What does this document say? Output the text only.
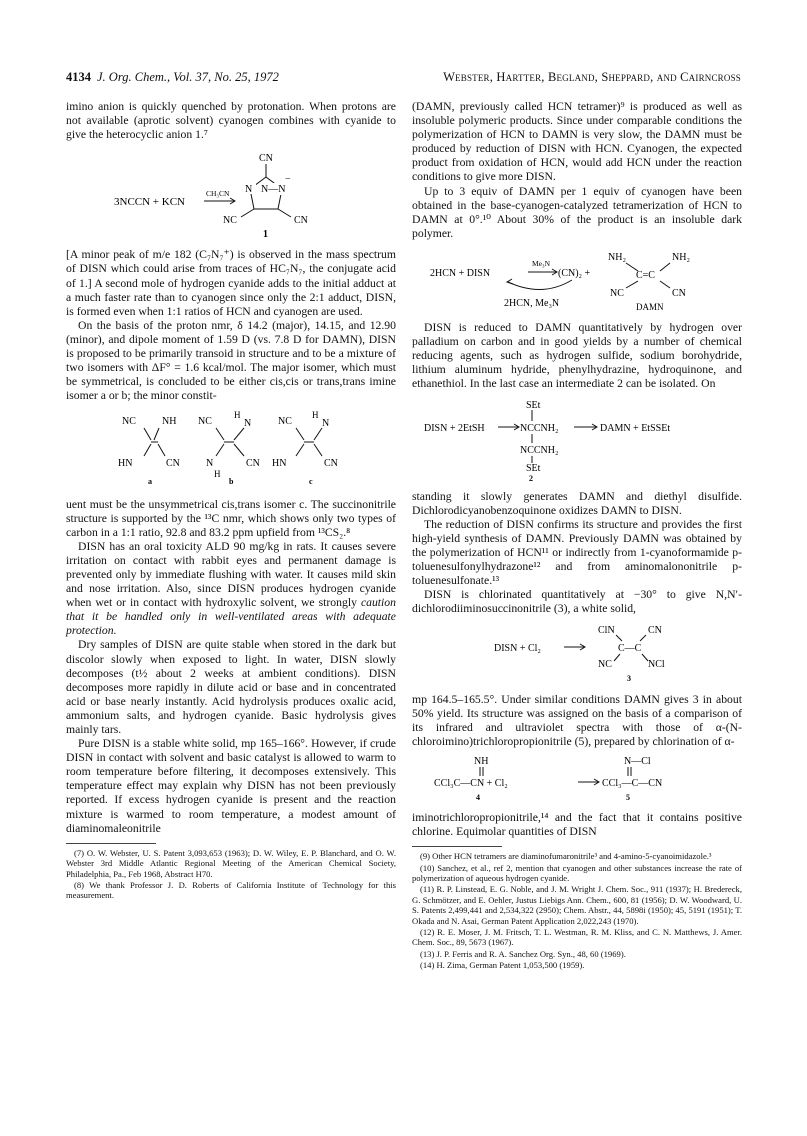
4134 J. Org. Chem., Vol. 37, No. 25, 1972	Webster, Hartter, Begland, Sheppard, and Cairncross

imino anion is quickly quenched by protonation. When protons are not available (aprotic solvent) cyanogen combines with cyanide to give the heterocyclic anion 1.⁷

3NCCN + KCN
CH₃CN
CN
N N—N
−
NC	CN
1

[A minor peak of m/e 182 (C₇N₇⁺) is observed in the mass spectrum of DISN which could arise from traces of HC₇N₇, the conjugate acid of 1.] A second mole of hydrogen cyanide adds to the initial adduct at a much faster rate than to cyanogen since only the 2:1 adduct, DISN, is formed even when 1:1 ratios of HCN and cyanogen are used.

On the basis of the proton nmr, δ 14.2 (major), 14.15, and 12.90 (minor), and dipole moment of 1.59 D (vs. 7.8 D for DAMN), DISN is proposed to be primarily transoid in structure and to be a mixture of two isomers with ΔF° = 1.6 kcal/mol. The major isomer, which must be symmetrical, is concluded to be either cis,cis or trans,trans imine isomer a or b; the minor constit-

NC	NH
HN	CN
a
NC
H
N
N
H
CN
b
NC
H
N
HN	CN
c

uent must be the unsymmetrical cis,trans isomer c. The succinonitrile structure is supported by the ¹³C nmr, which shows only two types of carbon in a 1:1 ratio, 92.8 and 83.2 ppm upfield from ¹³CS₂.⁸

DISN has an oral toxicity ALD 90 mg/kg in rats. It causes severe irritation on contact with rabbit eyes and permanent damage is prevented only by immediate flushing with water. It causes mild skin and nose irritation. Also, since DISN produces hydrogen cyanide when wet or in contact with hydroxylic solvent, we strongly caution that it be handled only in well-ventilated areas with adequate protection.

Dry samples of DISN are quite stable when stored in the dark but discolor slowly when exposed to light. In water, DISN slowly decomposes (t½ about 2 weeks at ambient conditions). DISN decomposes more rapidly in dilute acid or base and in concentrated acid or base nearly instantly. Acid hydrolysis produces oxalic acid, ammonium salts, and hydrogen cyanide. Basic hydrolysis gives mainly tars.

Pure DISN is a stable white solid, mp 165–166°. However, if crude DISN in contact with solvent and basic catalyst is allowed to warm to room temperature before filtering, it decomposes extensively. This temperature effect may explain why DISN has not been previously reported. If excess hydrogen cyanide is present and the reaction mixture is warmed to room temperature, a modest amount of diaminomaleonitrile

(7) O. W. Webster, U. S. Patent 3,093,653 (1963); D. W. Wiley, E. P. Blanchard, and O. W. Webster 3rd Middle Atlantic Regional Meeting of the American Chemical Society, Philadelphia, Pa., Feb 1968, Abstract H70.

(8) We thank Professor J. D. Roberts of California Institute of Technology for this measurement.

(DAMN, previously called HCN tetramer)⁹ is produced as well as insoluble polymeric products. Since under comparable conditions the polymerization of HCN to DAMN is very slow, the DAMN must be produced by reduction of DISN with HCN. Cyanogen, the expected product from oxidation of HCN, would add HCN under the reaction conditions to give more DISN.

Up to 3 equiv of DAMN per 1 equiv of cyanogen have been obtained in the base-cyanogen-catalyzed tetramerization of HCN to DAMN at 0°.¹⁰ About 30% of the product is an insoluble dark polymer.

2HCN + DISN
Me₃N
(CN)₂ +
2HCN, Me₃N
NH₂	NH₂
C=C
NC	CN
DAMN

DISN is reduced to DAMN quantitatively by hydrogen over palladium on carbon and in good yields by a number of chemical reducing agents, such as hydrogen sulfide, sodium borohydride, lithium aluminum hydride, phenylhydrazine, hydroquinone, and ethanethiol. In the last case an intermediate 2 can be isolated. On

SEt
DISN + 2EtSH	NCCNH₂	DAMN + EtSSEt
NCCNH₂
SEt
2

standing it slowly generates DAMN and diethyl disulfide. Dichlorodicyanobenzoquinone oxidizes DAMN to DISN.

The reduction of DISN confirms its structure and provides the first high-yield synthesis of DAMN. Previously DAMN was obtained by the polymerization of HCN¹¹ or indirectly from 1-cyanoformamide p-toluenesulfonylhydrazone¹² and from aminomalononitrile p-toluenesulfonate.¹³

DISN is chlorinated quantitatively at −30° to give N,N′-dichlorodiiminosuccinonitrile (3), a white solid,

DISN + Cl₂
ClN	CN
C—C
NC	NCl
3

mp 164.5–165.5°. Under similar conditions DAMN gives 3 in about 50% yield. Its structure was assigned on the basis of a comparison of its infrared and ultraviolet spectra with those of α-(N-chloroimino)trichloropropionitrile (5), prepared by chlorination of α-

NH
CCl₃C—CN + Cl₂
N—Cl
CCl₃—C—CN
4	5

iminotrichloropropionitrile,¹⁴ and the fact that it contains positive chlorine. Equimolar quantities of DISN

(9) Other HCN tetramers are diaminofumaronitrile³ and 4-amino-5-cyanoimidazole.³

(10) Sanchez, et al., ref 2, mention that cyanogen and other substances increase the rate of polymerization of aqueous hydrogen cyanide.

(11) R. P. Linstead, E. G. Noble, and J. M. Wright J. Chem. Soc., 911 (1937); H. Bredereck, G. Schmötzer, and E. Oehler, Justus Liebigs Ann. Chem., 600, 81 (1956); D. W. Woodward, U. S. Patents 2,499,441 and 2,534,322 (2950); Chem. Abstr., 44, 5898i (1950); 45, 5191 (1951); T. Okada and N. Asai, German Patent Application 2,022,243 (1970).

(12) R. E. Moser, J. M. Fritsch, T. L. Westman, R. M. Kliss, and C. N. Matthews, J. Amer. Chem. Soc., 89, 5673 (1967).

(13) J. P. Ferris and R. A. Sanchez Org. Syn., 48, 60 (1969).

(14) H. Zima, German Patent 1,053,500 (1959).
